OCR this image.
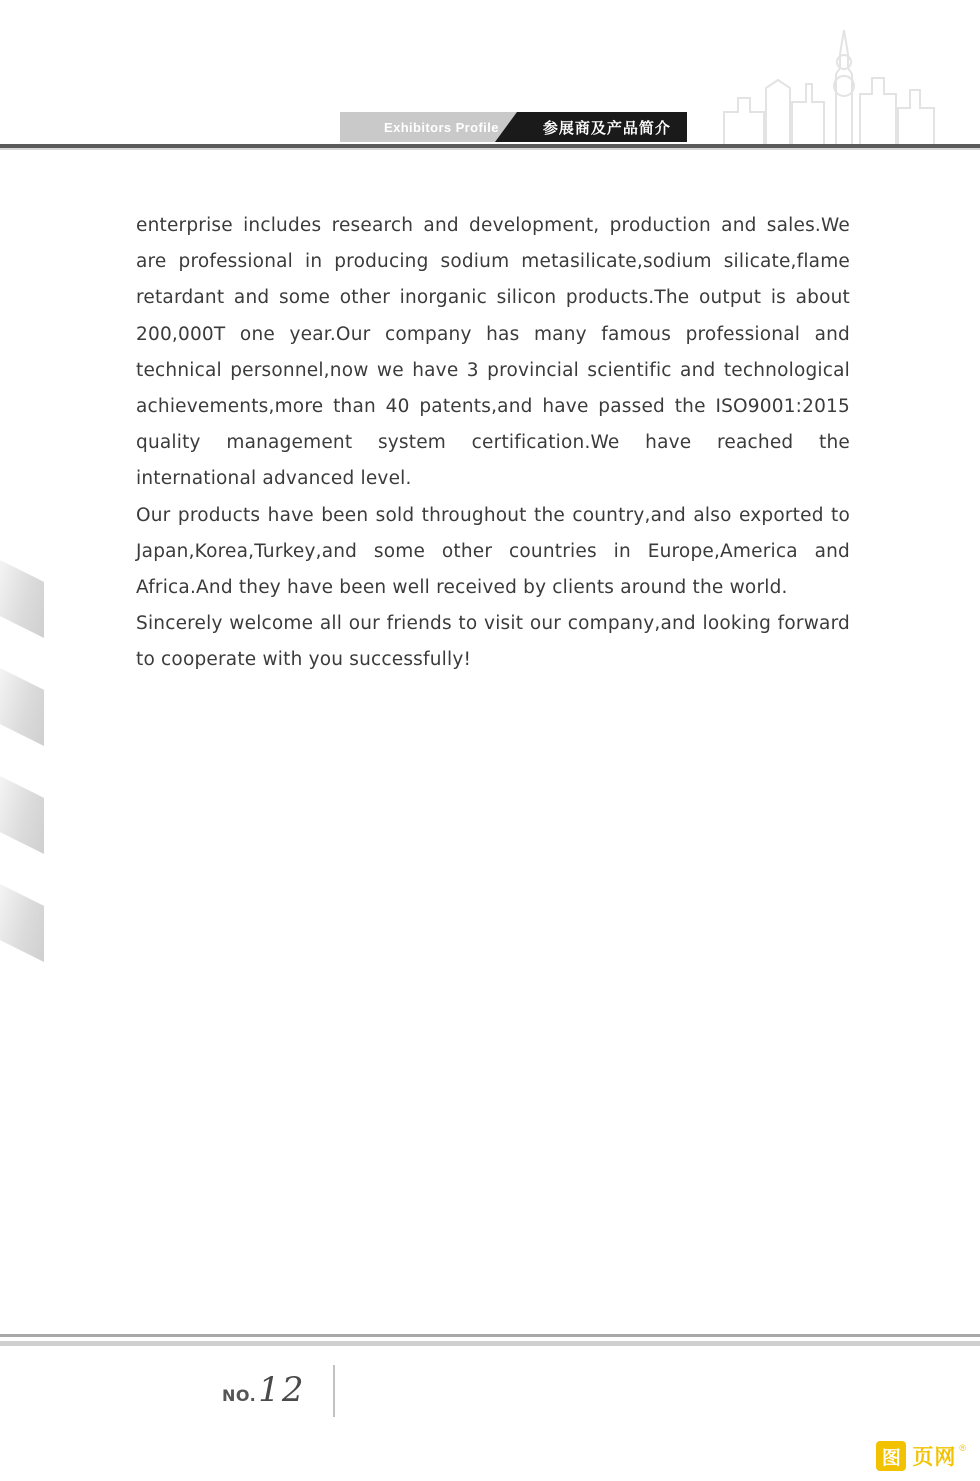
Exhibitors Profile	参展商及产品简介

enterprise includes research and development, production and sales.We are professional in producing sodium metasilicate,sodium silicate,flame retardant and some other inorganic silicon products.The output is about 200,000T one year.Our company has many famous professional and technical personnel,now we have 3 provincial scientific and technological achievements,more than 40 patents,and have passed the ISO9001:2015 quality management system certification.We have reached the international advanced level.

Our products have been sold throughout the country,and also exported to Japan,Korea,Turkey,and some other countries in Europe,America and Africa.And they have been well received by clients around the world.

Sincerely welcome all our friends to visit our company,and looking forward to cooperate with you successfully!

NO. 12
图 页网 ®
